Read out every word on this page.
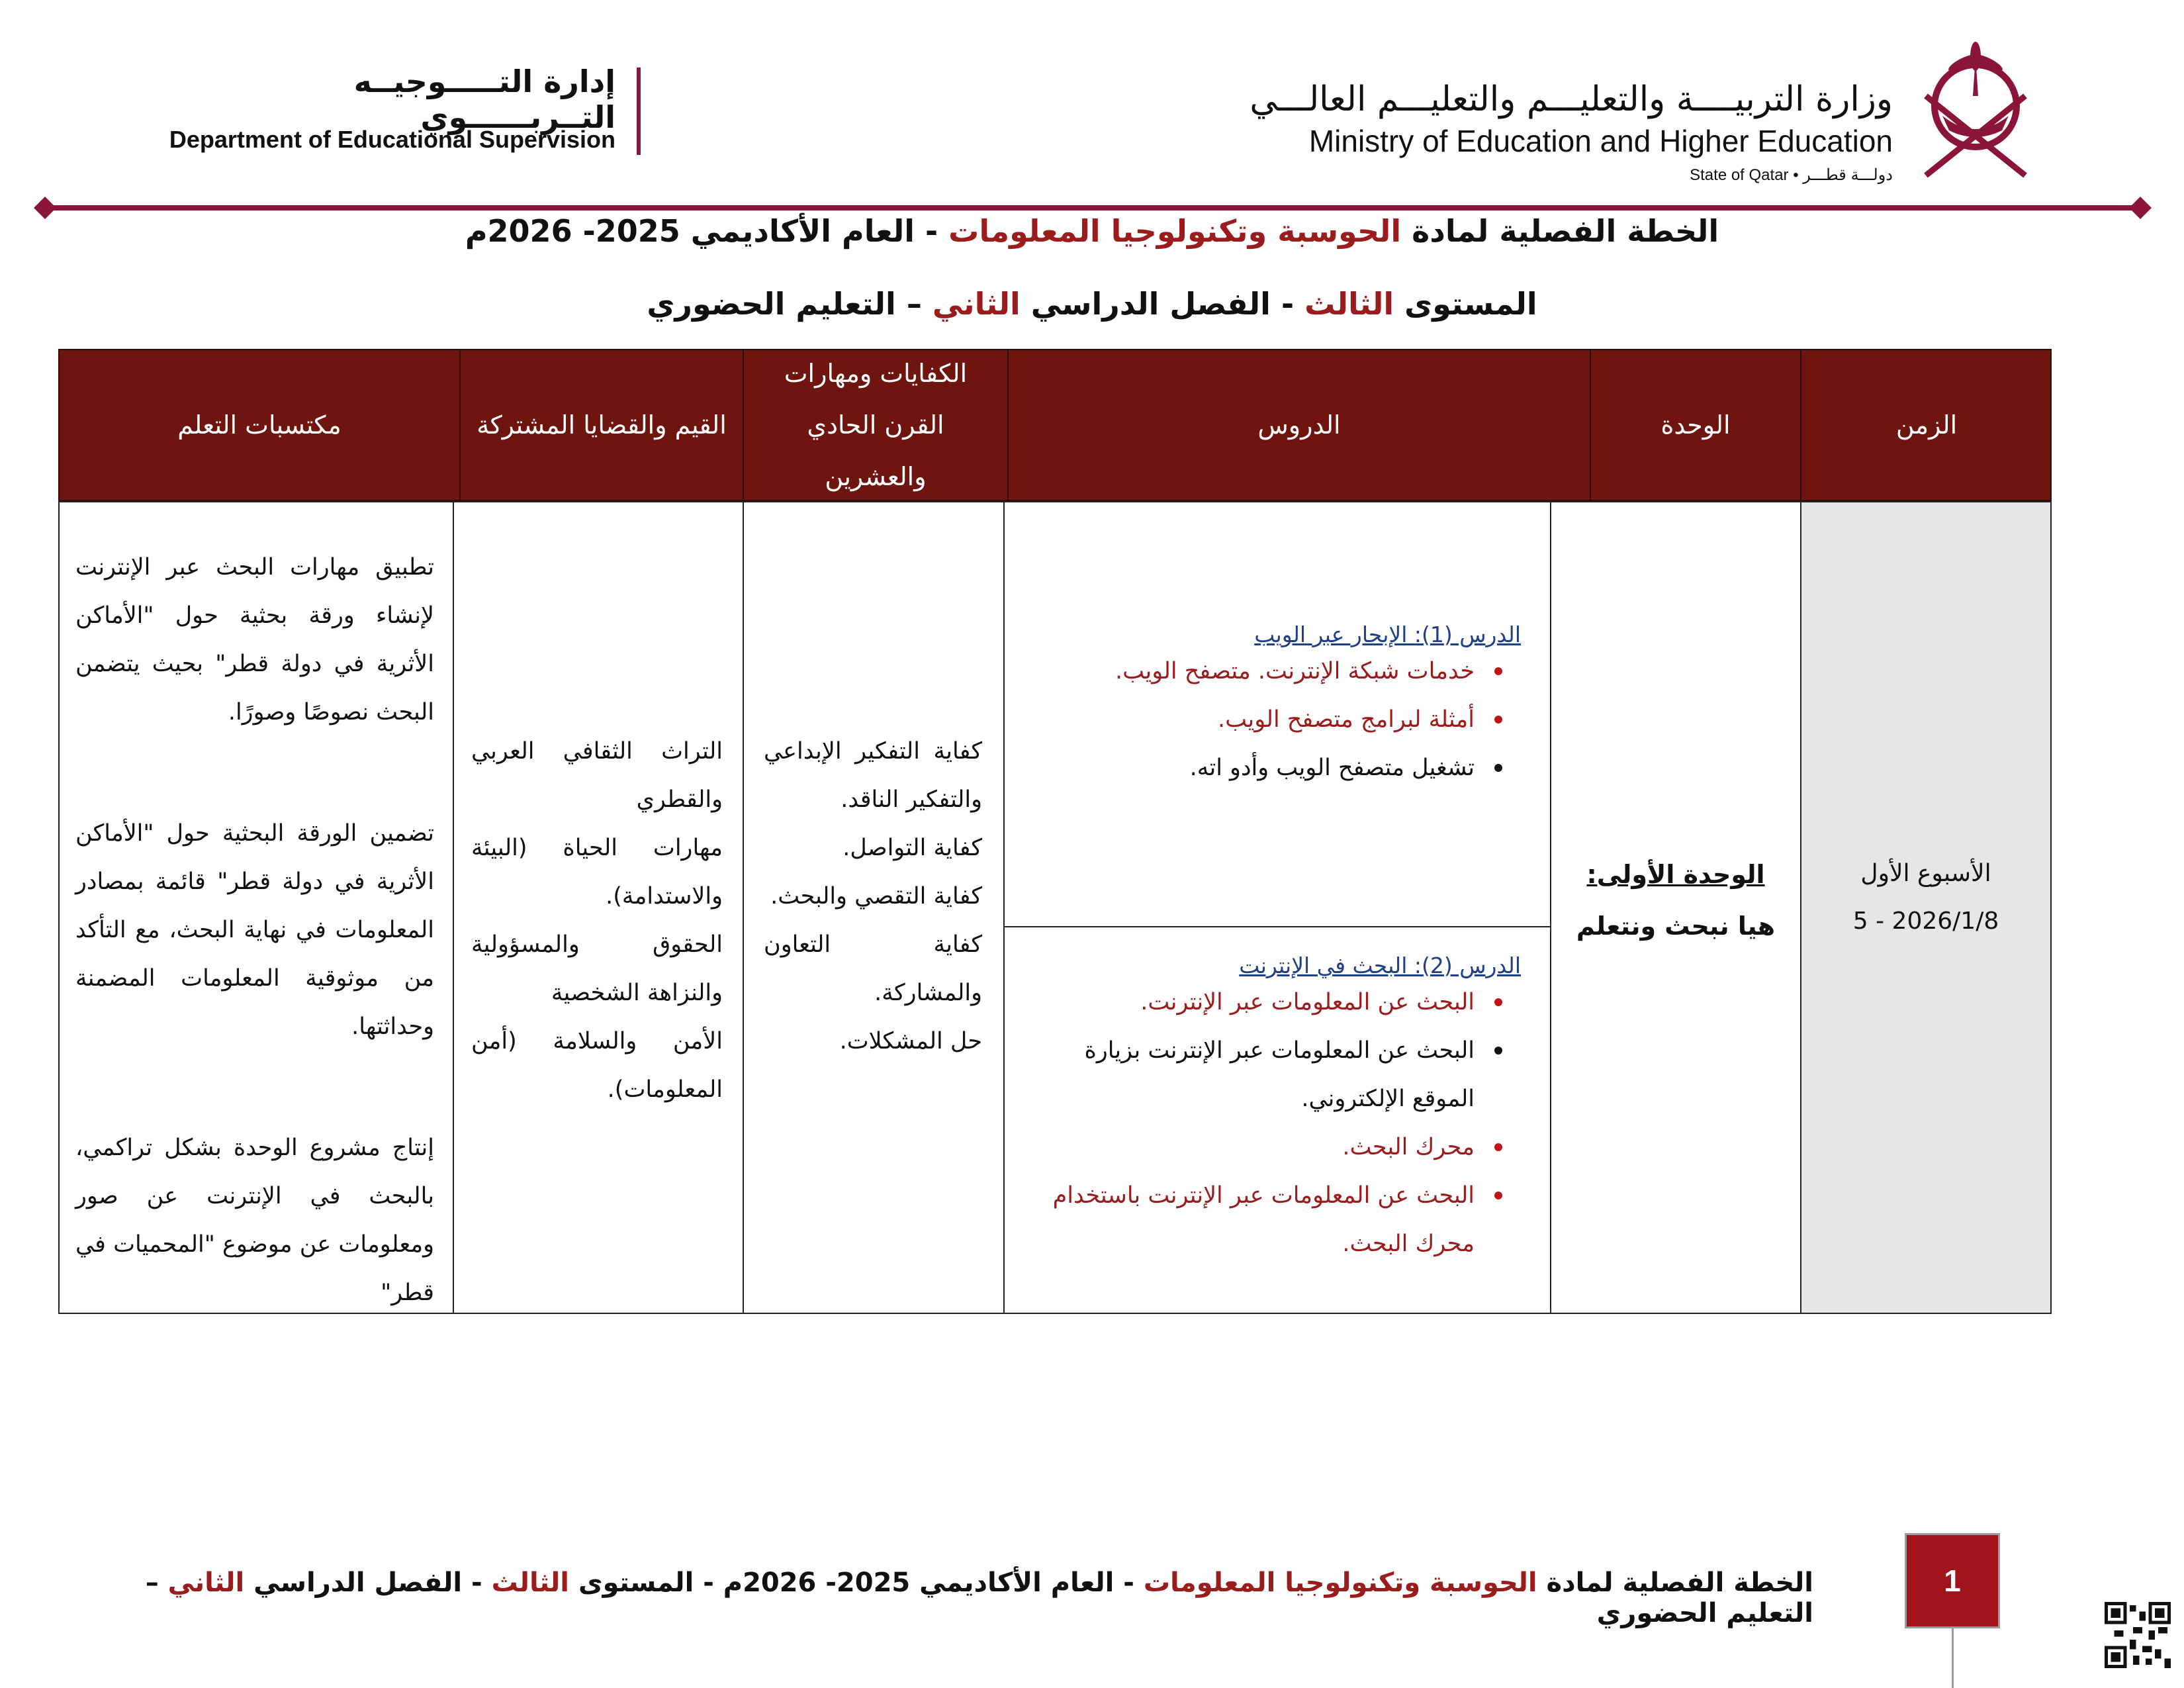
إدارة التـــــوجيــه التــربــــــوي
Department of Educational Supervision
وزارة التربيــــة والتعليـــم والتعليـــم العالـــي
Ministry of Education and Higher Education
State of Qatar • دولـــة قطـــر
الخطة الفصلية لمادة الحوسبة وتكنولوجيا المعلومات - العام الأكاديمي 2025- 2026م
المستوى الثالث - الفصل الدراسي الثاني – التعليم الحضوري
الزمن
الوحدة
الدروس
الكفايات ومهارات القرن الحادي والعشرين
القيم والقضايا المشتركة
مكتسبات التعلم
الأسبوع الأول
5 - 2026/1/8
الوحدة الأولى:
هيا نبحث ونتعلم
الدرس (1): الإبحار عبر الويب
خدمات شبكة الإنترنت. متصفح الويب.
أمثلة لبرامج متصفح الويب.
تشغيل متصفح الويب وأدو اته.
الدرس (2): البحث في الإنترنت
البحث عن المعلومات عبر الإنترنت.
البحث عن المعلومات عبر الإنترنت بزيارة الموقع الإلكتروني.
محرك البحث.
البحث عن المعلومات عبر الإنترنت باستخدام محرك البحث.
كفاية التفكير الإبداعي والتفكير الناقد.
كفاية التواصل.
كفاية التقصي والبحث.
كفاية التعاون والمشاركة.
حل المشكلات.
التراث الثقافي العربي والقطري
مهارات الحياة (البيئة والاستدامة).
الحقوق والمسؤولية والنزاهة الشخصية
الأمن والسلامة (أمن المعلومات).
تطبيق مهارات البحث عبر الإنترنت لإنشاء ورقة بحثية حول "الأماكن الأثرية في دولة قطر" بحيث يتضمن البحث نصوصًا وصورًا.
تضمين الورقة البحثية حول "الأماكن الأثرية في دولة قطر" قائمة بمصادر المعلومات في نهاية البحث، مع التأكد من موثوقية المعلومات المضمنة وحداثتها.
إنتاج مشروع الوحدة بشكل تراكمي، بالبحث في الإنترنت عن صور ومعلومات عن موضوع "المحميات في قطر"
الخطة الفصلية لمادة الحوسبة وتكنولوجيا المعلومات - العام الأكاديمي 2025- 2026م - المستوى الثالث - الفصل الدراسي الثاني – التعليم الحضوري
1
